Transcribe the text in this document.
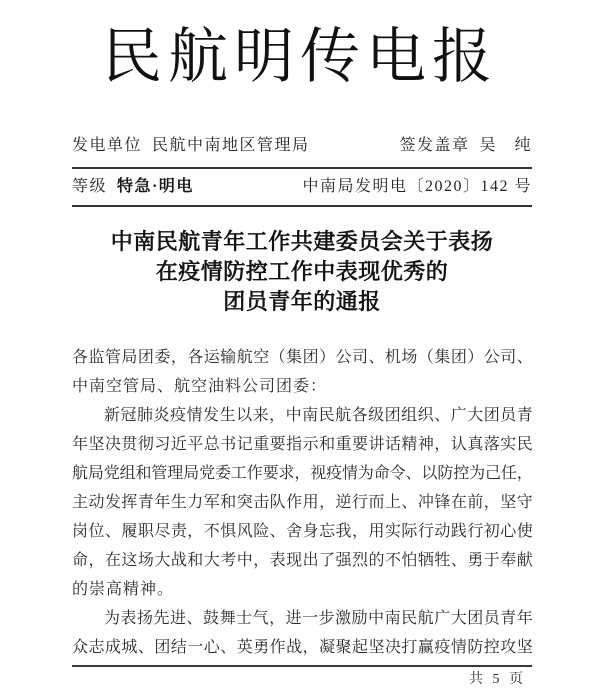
民航明传电报
发电单位 民航中南地区管理局	签发盖章 吴　纯
等级 特急·明电	中南局发明电〔2020〕142 号
中南民航青年工作共建委员会关于表扬
在疫情防控工作中表现优秀的
团员青年的通报
各监管局团委，各运输航空（集团）公司、机场（集团）公司、
中南空管局、航空油料公司团委：
新冠肺炎疫情发生以来，中南民航各级团组织、广大团员青
年坚决贯彻习近平总书记重要指示和重要讲话精神，认真落实民
航局党组和管理局党委工作要求，视疫情为命令、以防控为己任，
主动发挥青年生力军和突击队作用，逆行而上、冲锋在前，坚守
岗位、履职尽责，不惧风险、舍身忘我，用实际行动践行初心使
命，在这场大战和大考中，表现出了强烈的不怕牺牲、勇于奉献
的崇高精神。
为表扬先进、鼓舞士气，进一步激励中南民航广大团员青年
众志成城、团结一心、英勇作战，凝聚起坚决打赢疫情防控攻坚
共 5 页
